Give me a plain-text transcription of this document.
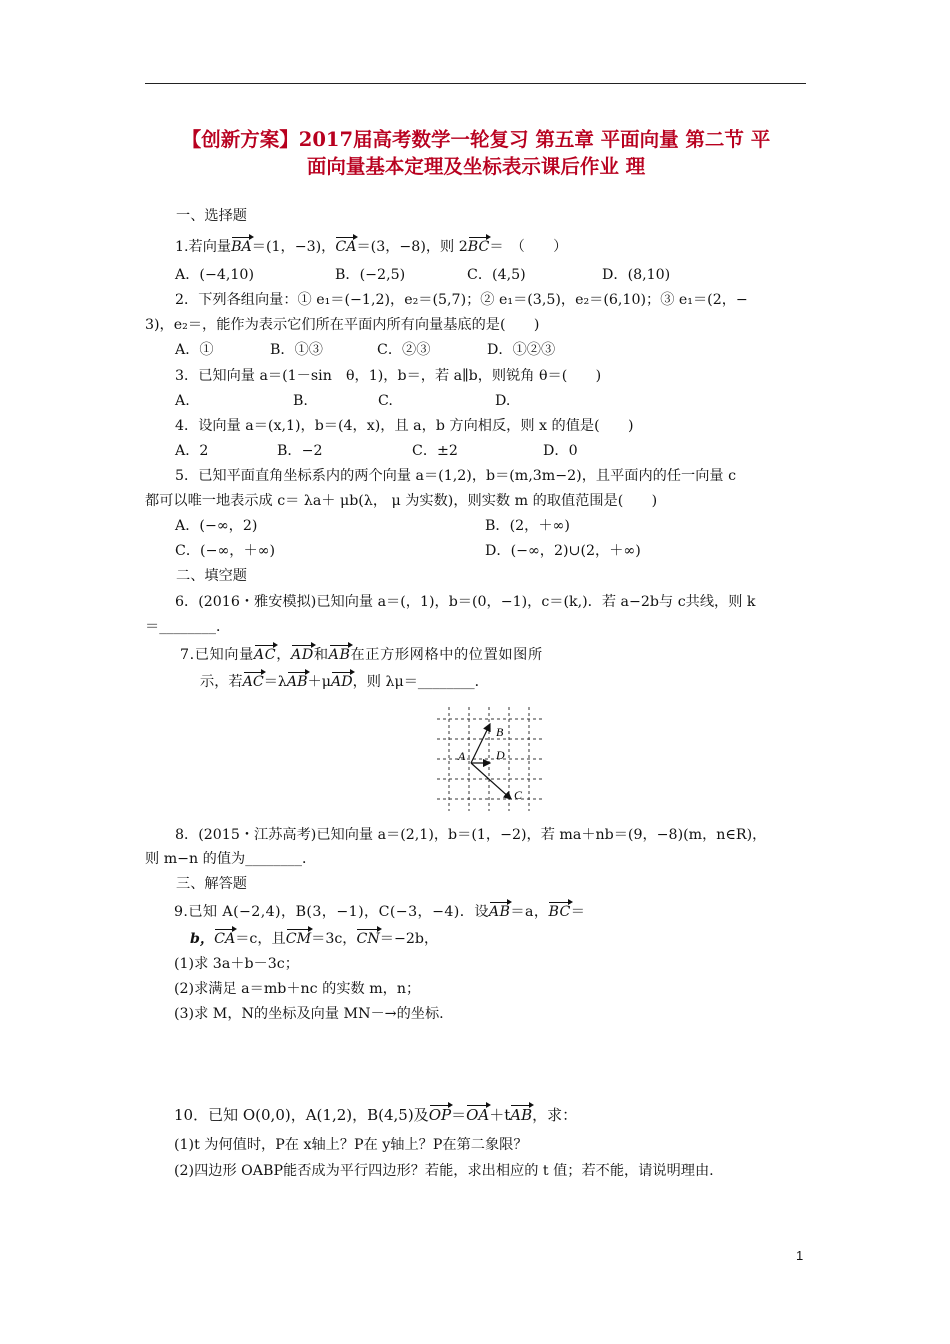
【创新方案】2017届高考数学一轮复习 第五章 平面向量 第二节 平
面向量基本定理及坐标表示课后作业 理
一、选择题
1.若向量BA＝(1，−3)，CA＝(3，−8)，则 2BC＝　（　　）
A．(−4,10)	B．(−2,5)	C．(4,5)	D．(8,10)
2．下列各组向量：① e₁＝(−1,2)，e₂＝(5,7)；② e₁＝(3,5)，e₂＝(6,10)；③ e₁＝(2，−
3)，e₂＝，能作为表示它们所在平面内所有向量基底的是(　　)
A．①	B．①③	C．②③	D．①②③
3．已知向量 a＝(1－sin　θ，1)，b＝，若 a∥b，则锐角 θ＝(　　)
A.	B.	C.	D.
4．设向量 a＝(x,1)，b＝(4，x)，且 a，b 方向相反，则 x 的值是(　　)
A．2	B．−2	C．±2	D．0
5．已知平面直角坐标系内的两个向量 a＝(1,2)，b＝(m,3m−2)，且平面内的任一向量 c
都可以唯一地表示成 c＝ λa＋ μb(λ， μ 为实数)，则实数 m 的取值范围是(　　)
A．(−∞，2)	B．(2，＋∞)
C．(−∞，＋∞)	D．(−∞，2)∪(2，＋∞)
二、填空题
6．(2016・雅安模拟)已知向量 a＝(，1)，b＝(0，−1)，c＝(k,)．若 a−2b与 c共线，则 k
＝________．
7.已知向量AC，AD和AB在正方形网格中的位置如图所
示，若AC＝λAB＋μAD，则 λμ＝________．
A
B
D
C
8．(2015・江苏高考)已知向量 a＝(2,1)，b＝(1，−2)，若 ma＋nb＝(9，−8)(m，n∈R)，
则 m−n 的值为________．
三、解答题
9.已知 A(−2,4)，B(3，−1)，C(−3，−4)．设AB＝a，BC＝
b，CA＝c，且CM＝3c，CN＝−2b，
(1)求 3a＋b－3c；
(2)求满足 a＝mb＋nc 的实数 m，n；
(3)求 M，N的坐标及向量 MN－→的坐标.
10．已知 O(0,0)，A(1,2)，B(4,5)及OP＝OA＋tAB，求：
(1)t 为何值时，P在 x轴上？P在 y轴上？P在第二象限？
(2)四边形 OABP能否成为平行四边形？若能，求出相应的 t 值；若不能，请说明理由.
1
